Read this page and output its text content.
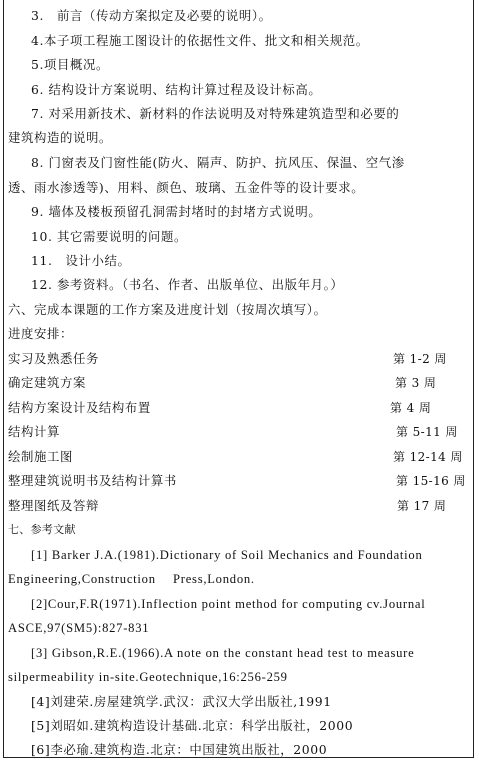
3.　前言（传动方案拟定及必要的说明）。
4.本子项工程施工图设计的依据性文件、批文和相关规范。
5.项目概况。
6. 结构设计方案说明、结构计算过程及设计标高。
7. 对采用新技术、新材料的作法说明及对特殊建筑造型和必要的
建筑构造的说明。
8. 门窗表及门窗性能(防火、隔声、防护、抗风压、保温、空气渗
透、雨水渗透等)、用料、颜色、玻璃、五金件等的设计要求。
9. 墙体及楼板预留孔洞需封堵时的封堵方式说明。
10. 其它需要说明的问题。
11.　设计小结。
12. 参考资料。（书名、作者、出版单位、出版年月。）
六、完成本课题的工作方案及进度计划（按周次填写）。
进度安排：
实习及熟悉任务	第 1-2 周
确定建筑方案	第 3 周
结构方案设计及结构布置	第 4 周
结构计算	第 5-11 周
绘制施工图	第 12-14 周
整理建筑说明书及结构计算书	第 15-16 周
整理图纸及答辩	第 17 周
七、参考文献
[1] Barker J.A.(1981).Dictionary of Soil Mechanics and Foundation
Engineering,Construction　 Press,London.
[2]Cour,F.R(1971).Inflection point method for computing cv.Journal
ASCE,97(SM5):827-831
[3] Gibson,R.E.(1966).A note on the constant head test to measure
silpermeability in-site.Geotechnique,16:256-259
[4]刘建荣.房屋建筑学.武汉：武汉大学出版社,1991
[5]刘昭如.建筑构造设计基础.北京：科学出版社，2000
[6]李必瑜.建筑构造.北京：中国建筑出版社，2000
